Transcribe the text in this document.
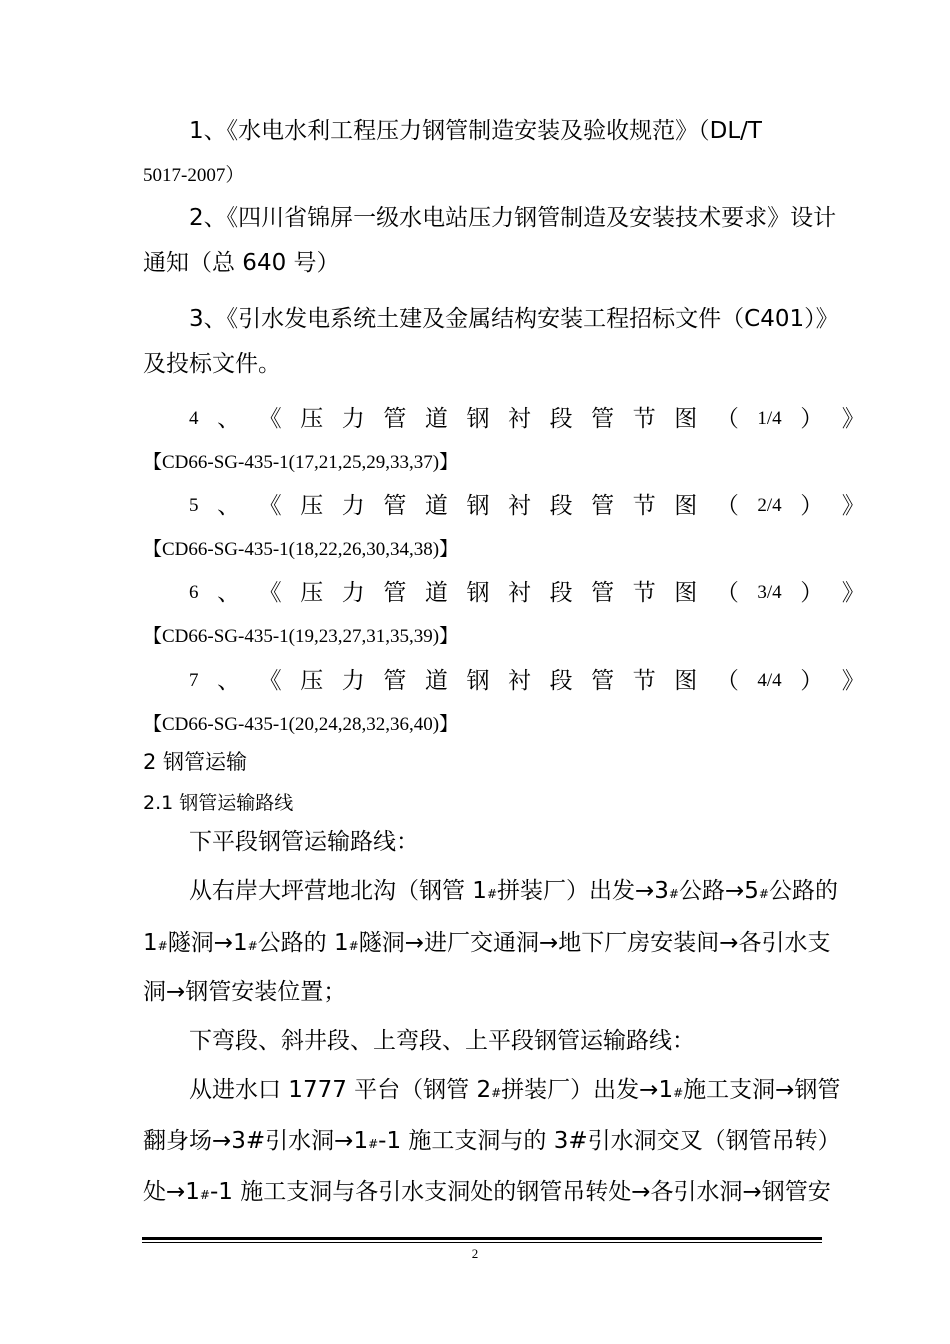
1、《水电水利工程压力钢管制造安装及验收规范》（DL/T
5017-2007）
2、《四川省锦屏一级水电站压力钢管制造及安装技术要求》设计
通知（总 640 号）
3、《引水发电系统土建及金属结构安装工程招标文件（C401）》
及投标文件。
4 、 《 压 力 管 道 钢 衬 段 管 节 图 （ 1/4 ） 》
【CD66-SG-435-1(17,21,25,29,33,37)】
5 、 《 压 力 管 道 钢 衬 段 管 节 图 （ 2/4 ） 》
【CD66-SG-435-1(18,22,26,30,34,38)】
6 、 《 压 力 管 道 钢 衬 段 管 节 图 （ 3/4 ） 》
【CD66-SG-435-1(19,23,27,31,35,39)】
7 、 《 压 力 管 道 钢 衬 段 管 节 图 （ 4/4 ） 》
【CD66-SG-435-1(20,24,28,32,36,40)】
2 钢管运输
2.1 钢管运输路线
下平段钢管运输路线：
从右岸大坪营地北沟（钢管 1#拼装厂）出发→3#公路→5#公路的
1#隧洞→1#公路的 1#隧洞→进厂交通洞→地下厂房安装间→各引水支
洞→钢管安装位置；
下弯段、斜井段、上弯段、上平段钢管运输路线：
从进水口 1777 平台（钢管 2#拼装厂）出发→1#施工支洞→钢管
翻身场→3#引水洞→1#-1 施工支洞与的 3#引水洞交叉（钢管吊转）
处→1#-1 施工支洞与各引水支洞处的钢管吊转处→各引水洞→钢管安
2
